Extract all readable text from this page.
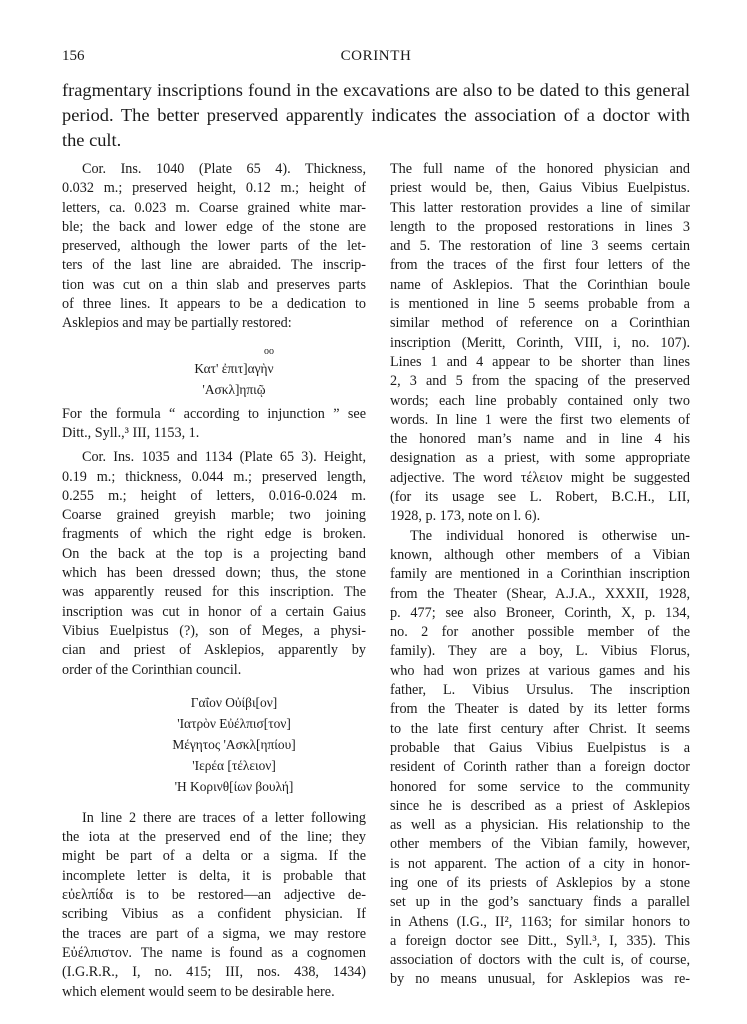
156	CORINTH
fragmentary inscriptions found in the excavations are also to be dated to this general
period. The better preserved apparently indicates the association of a doctor with
the cult.
Cor. Ins. 1040 (Plate 65 4). Thickness,
0.032 m.; preserved height, 0.12 m.; height of
letters, ca. 0.023 m. Coarse grained white mar-
ble; the back and lower edge of the stone are
preserved, although the lower parts of the let-
ters of the last line are abraided. The inscrip-
tion was cut on a thin slab and preserves parts
of three lines. It appears to be a dedication to
Asklepios and may be partially restored:
οο
Κατ' ἐπιτ]αγὴν
'Ασκλ]ηπιῷ
For the formula “ according to injunction ” see
Ditt., Syll.,³ III, 1153, 1.
Cor. Ins. 1035 and 1134 (Plate 65 3). Height,
0.19 m.; thickness, 0.044 m.; preserved length,
0.255 m.; height of letters, 0.016-0.024 m.
Coarse grained greyish marble; two joining
fragments of which the right edge is broken.
On the back at the top is a projecting band
which has been dressed down; thus, the stone
was apparently reused for this inscription. The
inscription was cut in honor of a certain Gaius
Vibius Euelpistus (?), son of Meges, a physi-
cian and priest of Asklepios, apparently by
order of the Corinthian council.
Γαΐον Οὐίβι[ον]
'Ιατρὸν Εὐέλπισ[τον]
Μέγητος 'Ασκλ[ηπίου]
'Ιερέα [τέλειον]
'Η Κορινθ[ίων βουλή]
In line 2 there are traces of a letter following
the iota at the preserved end of the line; they
might be part of a delta or a sigma. If the
incomplete letter is delta, it is probable that
εὐελπίδα is to be restored—an adjective de-
scribing Vibius as a confident physician. If
the traces are part of a sigma, we may restore
Εὐέλπιστον. The name is found as a cognomen
(I.G.R.R., I, no. 415; III, nos. 438, 1434)
which element would seem to be desirable here.
The full name of the honored physician and
priest would be, then, Gaius Vibius Euelpistus.
This latter restoration provides a line of similar
length to the proposed restorations in lines 3
and 5. The restoration of line 3 seems certain
from the traces of the first four letters of the
name of Asklepios. That the Corinthian boule
is mentioned in line 5 seems probable from a
similar method of reference on a Corinthian
inscription (Meritt, Corinth, VIII, i, no. 107).
Lines 1 and 4 appear to be shorter than lines
2, 3 and 5 from the spacing of the preserved
words; each line probably contained only two
words. In line 1 were the first two elements of
the honored man’s name and in line 4 his
designation as a priest, with some appropriate
adjective. The word τέλειον might be suggested
(for its usage see L. Robert, B.C.H., LII,
1928, p. 173, note on l. 6).
The individual honored is otherwise un-
known, although other members of a Vibian
family are mentioned in a Corinthian inscription
from the Theater (Shear, A.J.A., XXXII, 1928,
p. 477; see also Broneer, Corinth, X, p. 134,
no. 2 for another possible member of the
family). They are a boy, L. Vibius Florus,
who had won prizes at various games and his
father, L. Vibius Ursulus. The inscription
from the Theater is dated by its letter forms
to the late first century after Christ. It seems
probable that Gaius Vibius Euelpistus is a
resident of Corinth rather than a foreign doctor
honored for some service to the community
since he is described as a priest of Asklepios
as well as a physician. His relationship to the
other members of the Vibian family, however,
is not apparent. The action of a city in honor-
ing one of its priests of Asklepios by a stone
set up in the god’s sanctuary finds a parallel
in Athens (I.G., II², 1163; for similar honors to
a foreign doctor see Ditt., Syll.³, I, 335). This
association of doctors with the cult is, of course,
by no means unusual, for Asklepios was re-
